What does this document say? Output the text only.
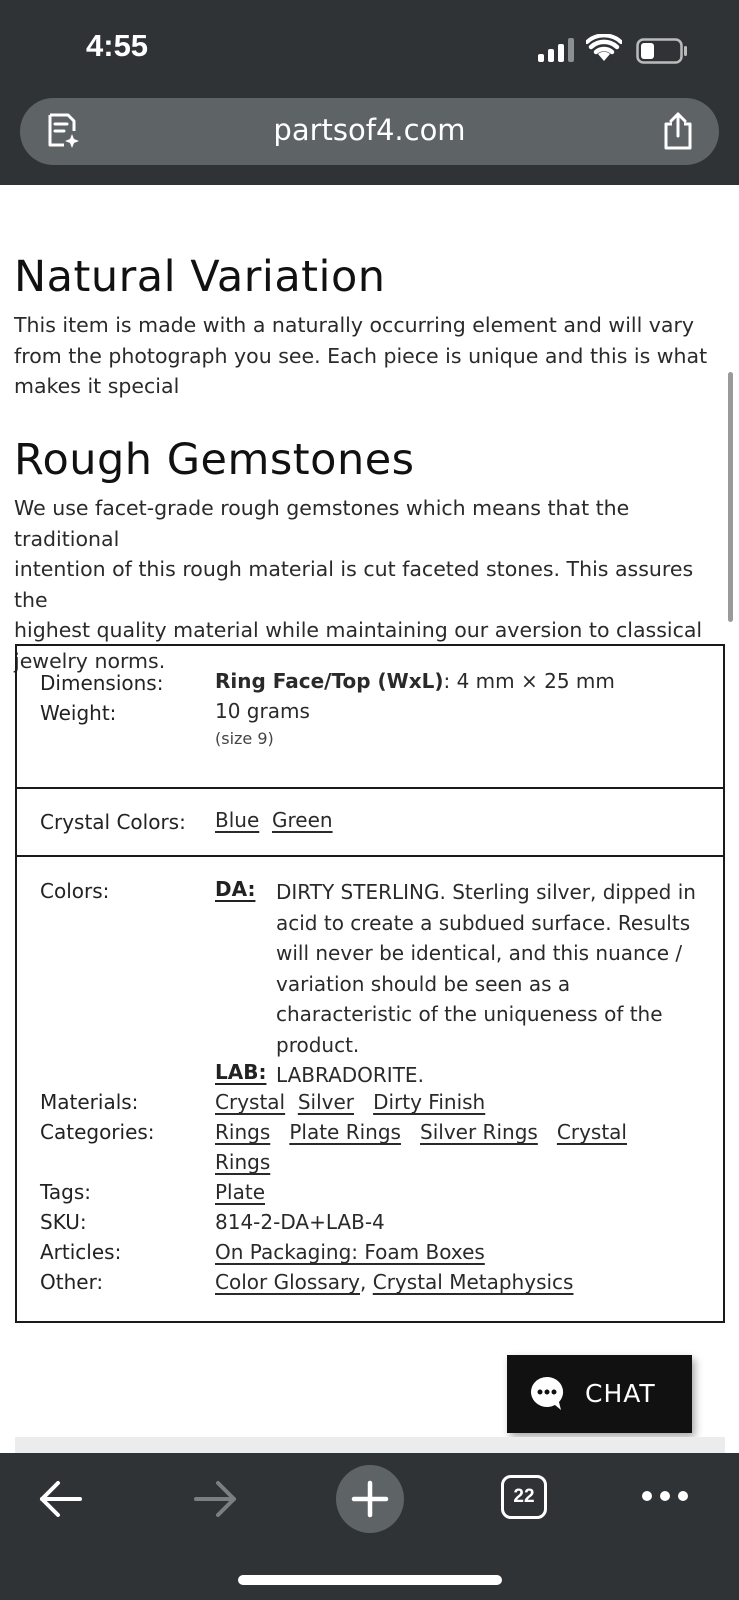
4:55
partsof4.com
Natural Variation
This item is made with a naturally occurring element and will vary
from the photograph you see. Each piece is unique and this is what
makes it special
Rough Gemstones
We use facet-grade rough gemstones which means that the traditional
intention of this rough material is cut faceted stones. This assures the
highest quality material while maintaining our aversion to classical
jewelry norms.
Dimensions:	Ring Face/Top (WxL): 4 mm × 25 mm
Weight:	10 grams
(size 9)
Crystal Colors: Blue Green
Colors:	DA: DIRTY STERLING. Sterling silver, dipped in
acid to create a subdued surface. Results
will never be identical, and this nuance /
variation should be seen as a
characteristic of the uniqueness of the
product.
LAB: LABRADORITE.
Materials:	Crystal Silver Dirty Finish
Categories:	Rings Plate Rings Silver Rings Crystal
Rings
Tags:	Plate
SKU:	814-2-DA+LAB-4
Articles:	On Packaging: Foam Boxes
Other:	Color Glossary, Crystal Metaphysics
CHAT
22
